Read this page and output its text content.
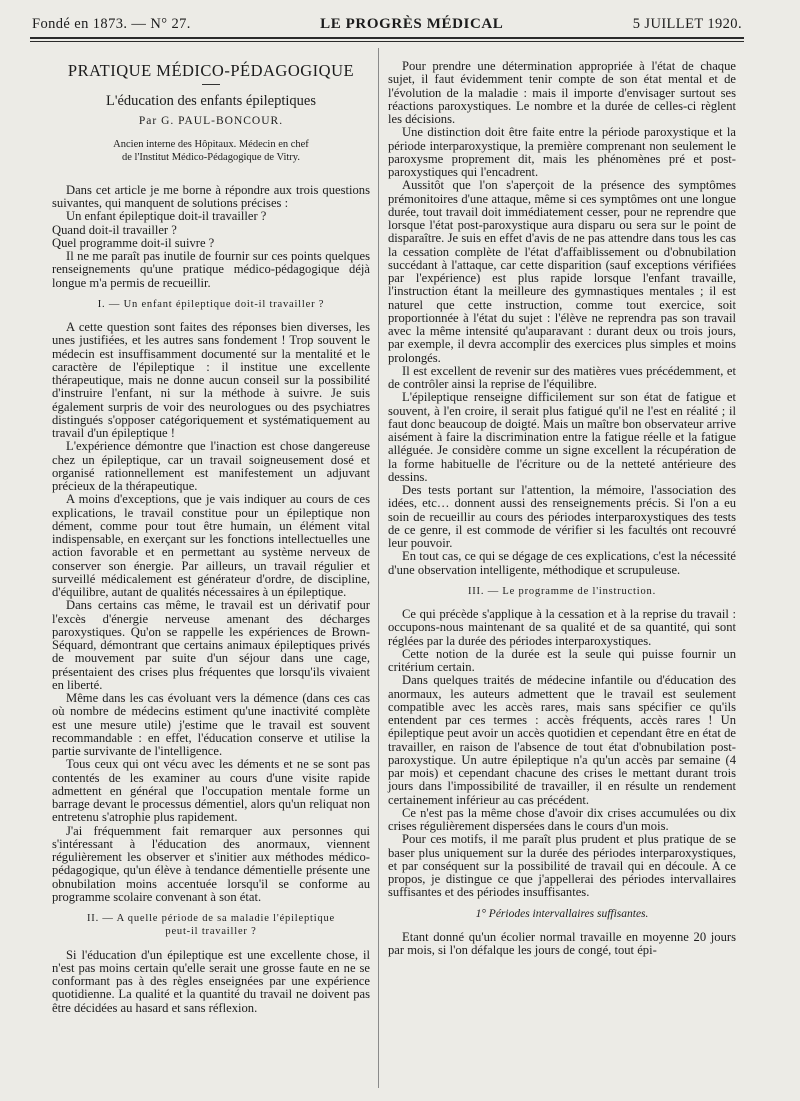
Fondé en 1873. — N° 27.	LE PROGRÈS MÉDICAL	5 JUILLET 1920.
PRATIQUE MÉDICO-PÉDAGOGIQUE
L'éducation des enfants épileptiques
Par G. PAUL-BONCOUR.
Ancien interne des Hôpitaux. Médecin en chef
de l'Institut Médico-Pédagogique de Vitry.

Dans cet article je me borne à répondre aux trois questions suivantes, qui manquent de solutions précises :

Un enfant épileptique doit-il travailler ?

Quand doit-il travailler ?

Quel programme doit-il suivre ?

Il ne me paraît pas inutile de fournir sur ces points quelques renseignements qu'une pratique médico-pédagogique déjà longue m'a permis de recueillir.

I. — Un enfant épileptique doit-il travailler ?

A cette question sont faites des réponses bien diverses, les unes justifiées, et les autres sans fondement ! Trop souvent le médecin est insuffisamment documenté sur la mentalité et le caractère de l'épileptique : il institue une excellente thérapeutique, mais ne donne aucun conseil sur la possibilité d'instruire l'enfant, ni sur la méthode à suivre. Je suis également surpris de voir des neurologues ou des psychiatres distingués s'opposer catégoriquement et systématiquement au travail d'un épileptique !

L'expérience démontre que l'inaction est chose dangereuse chez un épileptique, car un travail soigneusement dosé et organisé rationnellement est manifestement un adjuvant précieux de la thérapeutique.

A moins d'exceptions, que je vais indiquer au cours de ces explications, le travail constitue pour un épileptique non dément, comme pour tout être humain, un élément vital indispensable, en exerçant sur les fonctions intellectuelles une action favorable et en permettant au système nerveux de conserver son énergie. Par ailleurs, un travail régulier et surveillé médicalement est générateur d'ordre, de discipline, d'équilibre, autant de qualités nécessaires à un épileptique.

Dans certains cas même, le travail est un dérivatif pour l'excès d'énergie nerveuse amenant des décharges paroxystiques. Qu'on se rappelle les expériences de Brown-Séquard, démontrant que certains animaux épileptiques privés de mouvement par suite d'un séjour dans une cage, présentaient des crises plus fréquentes que lorsqu'ils vivaient en liberté.

Même dans les cas évoluant vers la démence (dans ces cas où nombre de médecins estiment qu'une inactivité complète est une mesure utile) j'estime que le travail est souvent recommandable : en effet, l'éducation conserve et utilise la partie survivante de l'intelligence.

Tous ceux qui ont vécu avec les déments et ne se sont pas contentés de les examiner au cours d'une visite rapide admettent en général que l'occupation mentale forme un barrage devant le processus démentiel, alors qu'un reliquat non entretenu s'atrophie plus rapidement.

J'ai fréquemment fait remarquer aux personnes qui s'intéressant à l'éducation des anormaux, viennent régulièrement les observer et s'initier aux méthodes médico-pédagogique, qu'un élève à tendance démentielle présente une obnubilation moins accentuée lorsqu'il se conforme au programme scolaire convenant à son état.

II. — A quelle période de sa maladie l'épileptique
peut-il travailler ?

Si l'éducation d'un épileptique est une excellente chose, il n'est pas moins certain qu'elle serait une grosse faute en ne se conformant pas à des règles enseignées par une expérience quotidienne. La qualité et la quantité du travail ne doivent pas être décidées au hasard et sans réflexion.

Pour prendre une détermination appropriée à l'état de chaque sujet, il faut évidemment tenir compte de son état mental et de l'évolution de la maladie : mais il importe d'envisager surtout ses réactions paroxystiques. Le nombre et la durée de celles-ci règlent les décisions.

Une distinction doit être faite entre la période paroxystique et la période interparoxystique, la première comprenant non seulement le paroxysme proprement dit, mais les phénomènes pré et post-paroxystiques qui l'encadrent.

Aussitôt que l'on s'aperçoit de la présence des symptômes prémonitoires d'une attaque, même si ces symptômes ont une longue durée, tout travail doit immédiatement cesser, pour ne reprendre que lorsque l'état post-paroxystique aura disparu ou sera sur le point de disparaître. Je suis en effet d'avis de ne pas attendre dans tous les cas la cessation complète de l'état d'affaiblissement ou d'obnubilation succédant à l'attaque, car cette disparition (sauf exceptions vérifiées par l'expérience) est plus rapide lorsque l'enfant travaille, l'instruction étant la meilleure des gymnastiques mentales ; il est naturel que cette instruction, comme tout exercice, soit proportionnée à l'état du sujet : l'élève ne reprendra pas son travail avec la même intensité qu'auparavant : durant deux ou trois jours, par exemple, il devra accomplir des exercices plus simples et moins prolongés.

Il est excellent de revenir sur des matières vues précédemment, et de contrôler ainsi la reprise de l'équilibre.

L'épileptique renseigne difficilement sur son état de fatigue et souvent, à l'en croire, il serait plus fatigué qu'il ne l'est en réalité ; il faut donc beaucoup de doigté. Mais un maître bon observateur arrive aisément à faire la discrimination entre la fatigue réelle et la fatigue alléguée. Je considère comme un signe excellent la récupération de la forme habituelle de l'écriture ou de la netteté antérieure des dessins.

Des tests portant sur l'attention, la mémoire, l'association des idées, etc… donnent aussi des renseignements précis. Si l'on a eu soin de recueillir au cours des périodes interparoxystiques des tests de ce genre, il est commode de vérifier si les facultés ont recouvré leur pouvoir.

En tout cas, ce qui se dégage de ces explications, c'est la nécessité d'une observation intelligente, méthodique et scrupuleuse.

III. — Le programme de l'instruction.

Ce qui précède s'applique à la cessation et à la reprise du travail : occupons-nous maintenant de sa qualité et de sa quantité, qui sont réglées par la durée des périodes interparoxystiques.

Cette notion de la durée est la seule qui puisse fournir un critérium certain.

Dans quelques traités de médecine infantile ou d'éducation des anormaux, les auteurs admettent que le travail est seulement compatible avec les accès rares, mais sans spécifier ce qu'ils entendent par ces termes : accès fréquents, accès rares ! Un épileptique peut avoir un accès quotidien et cependant être en état de travailler, en raison de l'absence de tout état d'obnubilation post-paroxystique. Un autre épileptique n'a qu'un accès par semaine (4 par mois) et cependant chacune des crises le mettant durant trois jours dans l'impossibilité de travailler, il en résulte un rendement certainement inférieur au cas précédent.

Ce n'est pas la même chose d'avoir dix crises accumulées ou dix crises régulièrement dispersées dans le cours d'un mois.

Pour ces motifs, il me paraît plus prudent et plus pratique de se baser plus uniquement sur la durée des périodes interparoxystiques, et par conséquent sur la possibilité de travail qui en découle. A ce propos, je distingue ce que j'appellerai des périodes intervallaires suffisantes et des périodes insuffisantes.

1° Périodes intervallaires suffisantes.

Etant donné qu'un écolier normal travaille en moyenne 20 jours par mois, si l'on défalque les jours de congé, tout épi-
